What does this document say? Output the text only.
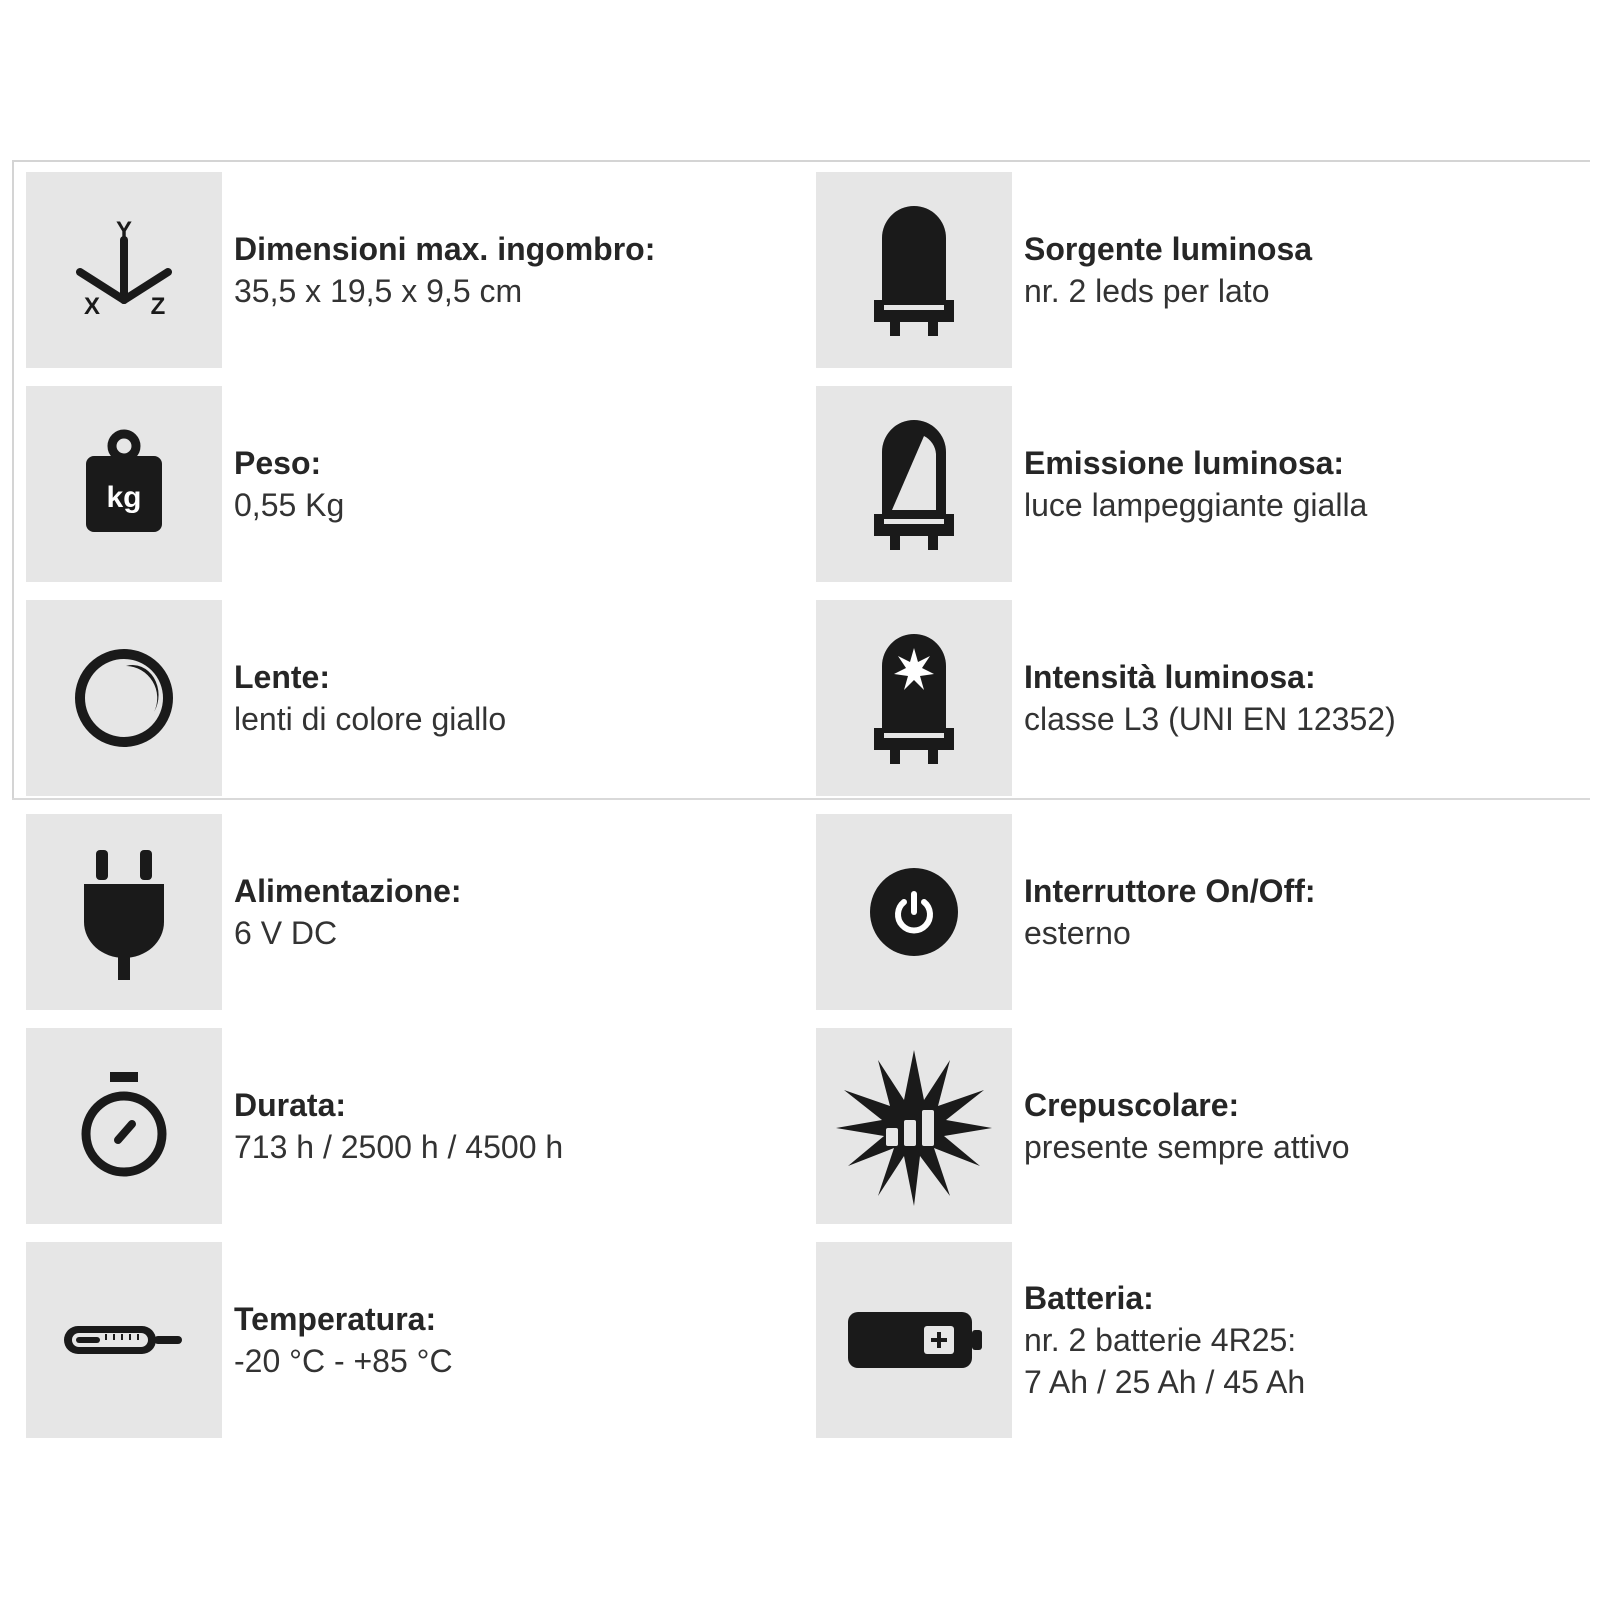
Y
X Z
Dimensioni max. ingombro:
35,5 x 19,5 x 9,5 cm
Sorgente luminosa
nr. 2 leds per lato
kg
Peso:
0,55 Kg
Emissione luminosa:
luce lampeggiante gialla
Lente:
lenti di colore giallo
Intensità luminosa:
classe L3 (UNI EN 12352)
Alimentazione:
6 V DC
Interruttore On/Off:
esterno
Durata:
713 h / 2500 h / 4500 h
Crepuscolare:
presente sempre attivo
Temperatura:
-20 °C - +85 °C
Batteria:
nr. 2 batterie 4R25:
7 Ah / 25 Ah / 45 Ah
